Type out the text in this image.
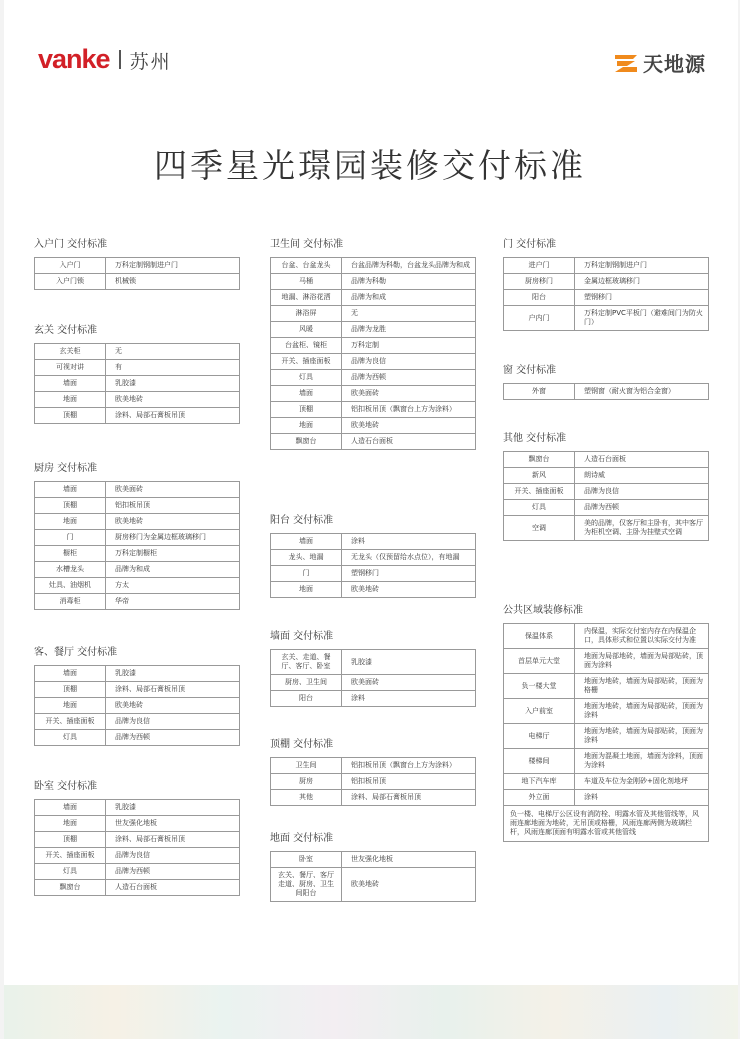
vanke 苏州	天地源
四季星光璟园装修交付标准
入户门 交付标准
入户门	万科定制钢制进户门
入户门锁	机械锁
玄关 交付标准
玄关柜	无
可视对讲	有
墙面	乳胶漆
地面	欧美地砖
顶棚	涂料、局部石膏板吊顶
厨房 交付标准
墙面	欧美面砖
顶棚	铝扣板吊顶
地面	欧美地砖
门	厨房移门为金属边框玻璃移门
橱柜	万科定制橱柜
水槽龙头	品牌为和成
灶具、油烟机	方太
消毒柜	华帝
客、餐厅 交付标准
墙面	乳胶漆
顶棚	涂料、局部石膏板吊顶
地面	欧美地砖
开关、插座面板	品牌为良信
灯具	品牌为西顿
卧室 交付标准
墙面	乳胶漆
地面	世友强化地板
顶棚	涂料、局部石膏板吊顶
开关、插座面板	品牌为良信
灯具	品牌为西顿
飘窗台	人造石台面板
卫生间 交付标准
台盆、台盆龙头	台盆品牌为科勒，台盆龙头品牌为和成
马桶	品牌为科勒
地漏、淋浴花洒	品牌为和成
淋浴屏	无
风暖	品牌为龙胜
台盆柜、镜柜	万科定制
开关、插座面板	品牌为良信
灯具	品牌为西顿
墙面	欧美面砖
顶棚	铝扣板吊顶（飘窗台上方为涂料）
地面	欧美地砖
飘窗台	人造石台面板
阳台 交付标准
墙面	涂料
龙头、地漏	无龙头（仅预留给水点位），有地漏
门	塑钢移门
地面	欧美地砖
墙面 交付标准
玄关、走道、餐厅、客厅、卧室	乳胶漆
厨房、卫生间	欧美面砖
阳台	涂料
顶棚 交付标准
卫生间	铝扣板吊顶（飘窗台上方为涂料）
厨房	铝扣板吊顶
其他	涂料、局部石膏板吊顶
地面 交付标准
卧室	世友强化地板
玄关、餐厅、客厅走道、厨房、卫生间阳台	欧美地砖
门 交付标准
进户门	万科定制钢制进户门
厨房移门	金属边框玻璃移门
阳台	塑钢移门
户内门	万科定制PVC平板门（避难间门为防火门）
窗 交付标准
外窗	塑钢窗（耐火窗为铝合金窗）
其他 交付标准
飘窗台	人造石台面板
新风	朗诗威
开关、插座面板	品牌为良信
灯具	品牌为西顿
空调	美的品牌，仅客厅和主卧有，其中客厅为柜机空调、主卧为挂壁式空调
公共区域装修标准
保温体系	内保温，实际交付室内存在内保温企口，具体形式和位置以实际交付为准
首层单元大堂	地面为局部地砖，墙面为局部贴砖，顶面为涂料
负一楼大堂	地面为地砖，墙面为局部贴砖，顶面为格栅
入户前室	地面为地砖，墙面为局部贴砖，顶面为涂料
电梯厅	地面为地砖，墙面为局部贴砖，顶面为涂料
楼梯间	地面为混凝土地面，墙面为涂料，顶面为涂料
地下汽车库	车道及车位为金刚砂+固化剂地坪
外立面	涂料
负一楼、电梯厅公区设有消防栓、明露水管及其他管线等，风雨连廊地面为地砖，无吊顶或格栅，风雨连廊两侧为玻璃栏杆，风雨连廊顶面有明露水管或其他管线	
